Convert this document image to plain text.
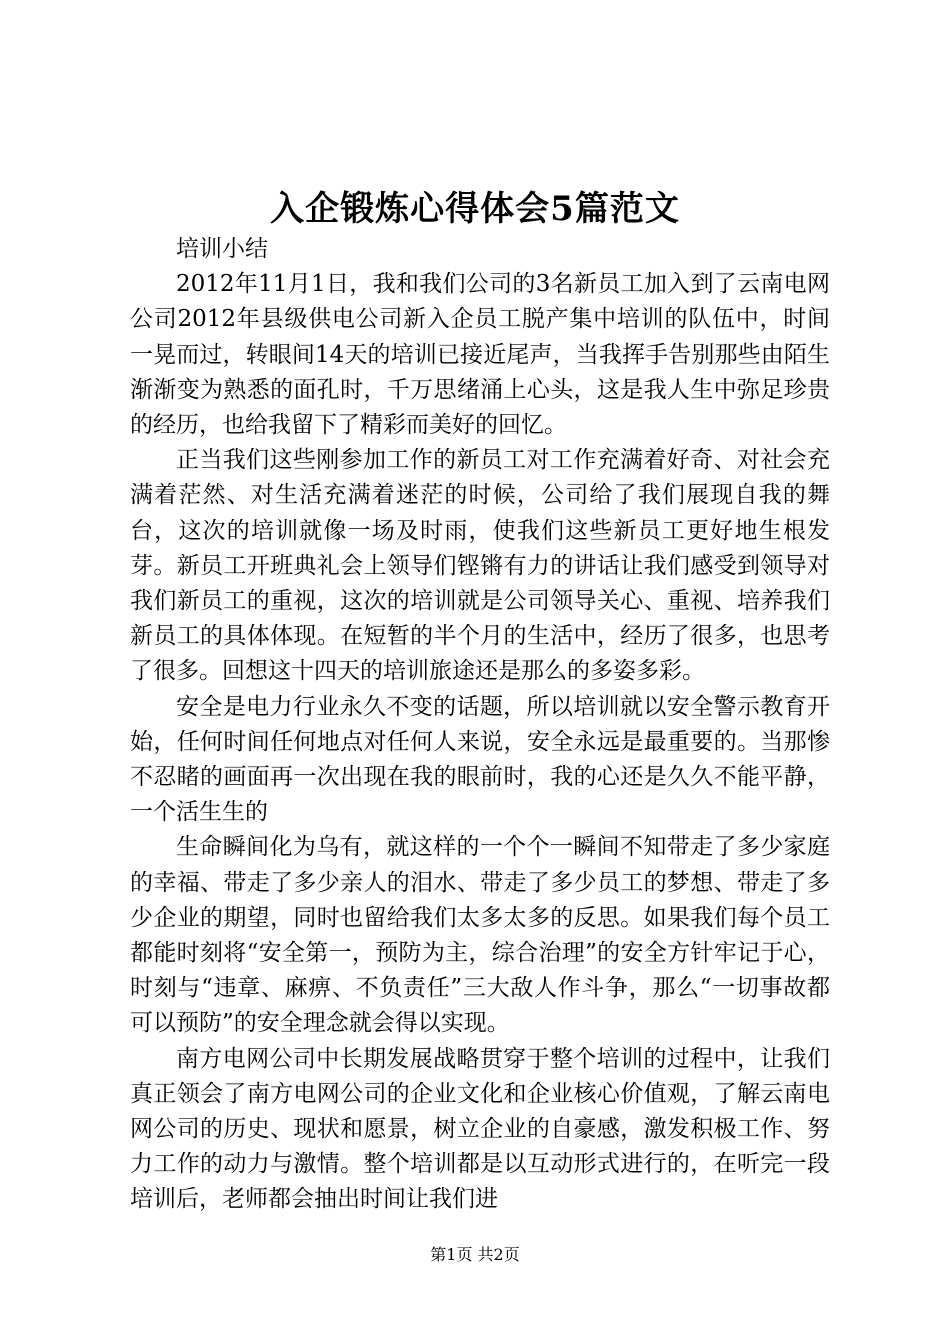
入企锻炼心得体会5篇范文

培训小结

2012年11月1日，我和我们公司的3名新员工加入到了云南电网公司2012年县级供电公司新入企员工脱产集中培训的队伍中，时间一晃而过，转眼间14天的培训已接近尾声，当我挥手告别那些由陌生渐渐变为熟悉的面孔时，千万思绪涌上心头，这是我人生中弥足珍贵的经历，也给我留下了精彩而美好的回忆。

正当我们这些刚参加工作的新员工对工作充满着好奇、对社会充满着茫然、对生活充满着迷茫的时候，公司给了我们展现自我的舞台，这次的培训就像一场及时雨，使我们这些新员工更好地生根发芽。新员工开班典礼会上领导们铿锵有力的讲话让我们感受到领导对我们新员工的重视，这次的培训就是公司领导关心、重视、培养我们新员工的具体体现。在短暂的半个月的生活中，经历了很多，也思考了很多。回想这十四天的培训旅途还是那么的多姿多彩。

安全是电力行业永久不变的话题，所以培训就以安全警示教育开始，任何时间任何地点对任何人来说，安全永远是最重要的。当那惨不忍睹的画面再一次出现在我的眼前时，我的心还是久久不能平静，一个活生生的

生命瞬间化为乌有，就这样的一个个一瞬间不知带走了多少家庭的幸福、带走了多少亲人的泪水、带走了多少员工的梦想、带走了多少企业的期望，同时也留给我们太多太多的反思。如果我们每个员工都能时刻将“安全第一，预防为主，综合治理”的安全方针牢记于心，时刻与“违章、麻痹、不负责任”三大敌人作斗争，那么“一切事故都可以预防”的安全理念就会得以实现。

南方电网公司中长期发展战略贯穿于整个培训的过程中，让我们真正领会了南方电网公司的企业文化和企业核心价值观，了解云南电网公司的历史、现状和愿景，树立企业的自豪感，激发积极工作、努力工作的动力与激情。整个培训都是以互动形式进行的，在听完一段培训后，老师都会抽出时间让我们进

第1页 共2页
